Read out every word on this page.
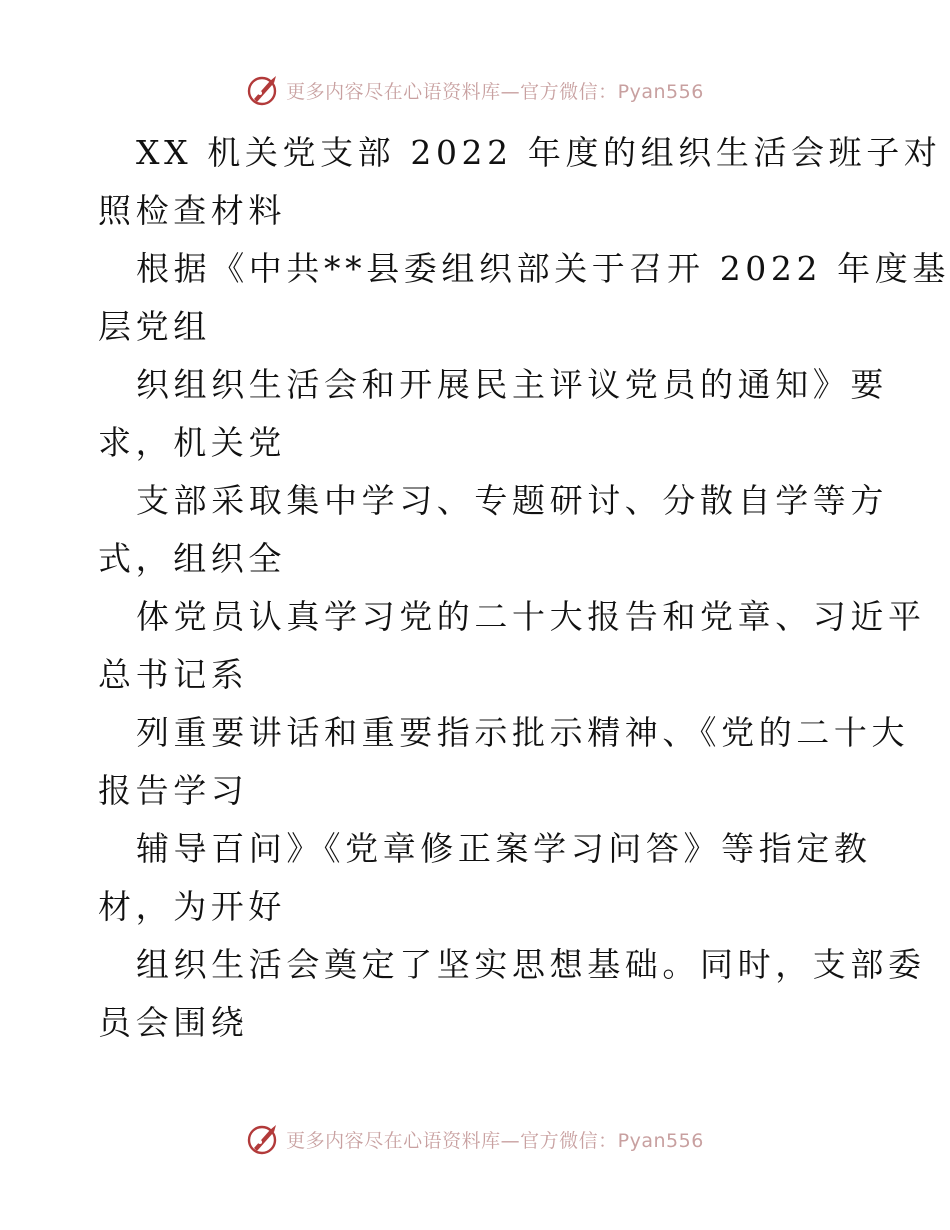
更多内容尽在心语资料库—官方微信：Pyan556
XX 机关党支部 2022 年度的组织生活会班子对
照检查材料
根据《中共**县委组织部关于召开 2022 年度基
层党组
织组织生活会和开展民主评议党员的通知》要
求，机关党
支部采取集中学习、专题研讨、分散自学等方
式，组织全
体党员认真学习党的二十大报告和党章、习近平
总书记系
列重要讲话和重要指示批示精神、《党的二十大
报告学习
辅导百问》《党章修正案学习问答》等指定教
材，为开好
组织生活会奠定了坚实思想基础。同时，支部委
员会围绕
更多内容尽在心语资料库—官方微信：Pyan556
